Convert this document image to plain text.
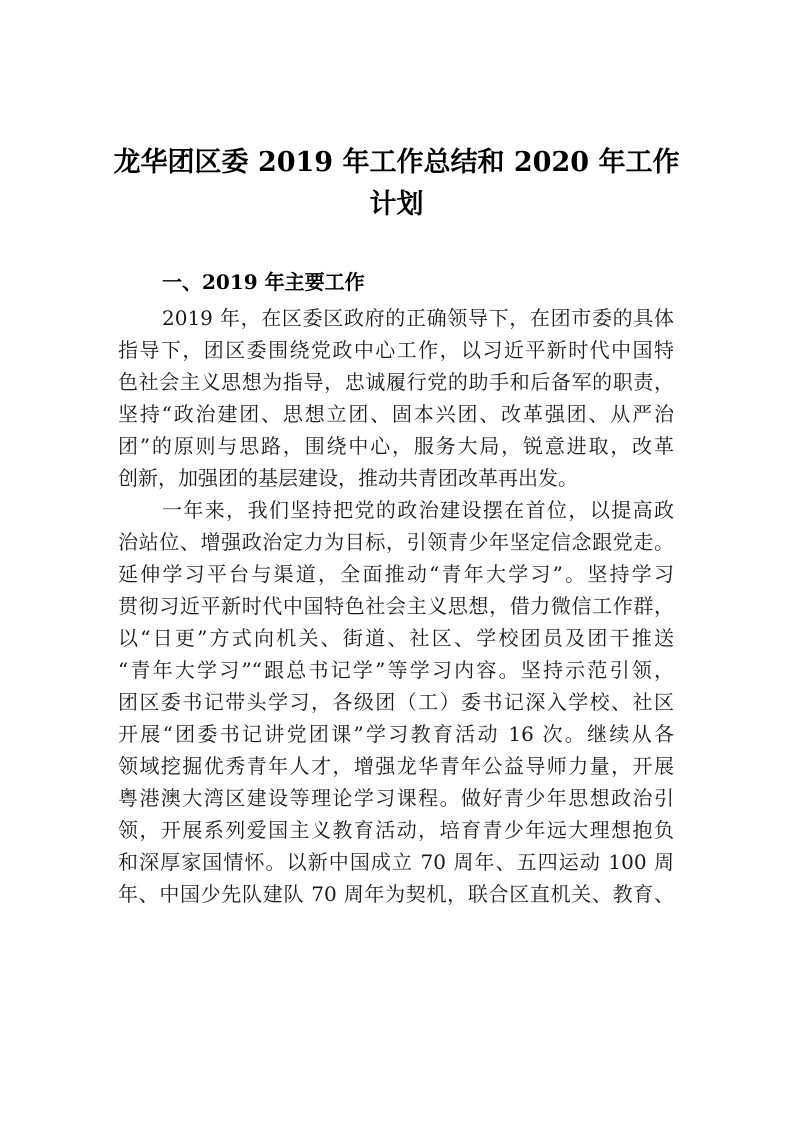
龙华团区委 2019 年工作总结和 2020 年工作
计划
一、2019 年主要工作
2019 年，在区委区政府的正确领导下，在团市委的具体
指导下，团区委围绕党政中心工作，以习近平新时代中国特
色社会主义思想为指导，忠诚履行党的助手和后备军的职责，
坚持“政治建团、思想立团、固本兴团、改革强团、从严治
团”的原则与思路，围绕中心，服务大局，锐意进取，改革
创新，加强团的基层建设，推动共青团改革再出发。
一年来，我们坚持把党的政治建设摆在首位，以提高政
治站位、增强政治定力为目标，引领青少年坚定信念跟党走。
延伸学习平台与渠道，全面推动“青年大学习”。坚持学习
贯彻习近平新时代中国特色社会主义思想，借力微信工作群，
以“日更”方式向机关、街道、社区、学校团员及团干推送
“青年大学习”“跟总书记学”等学习内容。坚持示范引领，
团区委书记带头学习，各级团（工）委书记深入学校、社区
开展“团委书记讲党团课”学习教育活动 16 次。继续从各
领域挖掘优秀青年人才，增强龙华青年公益导师力量，开展
粤港澳大湾区建设等理论学习课程。做好青少年思想政治引
领，开展系列爱国主义教育活动，培育青少年远大理想抱负
和深厚家国情怀。以新中国成立 70 周年、五四运动 100 周
年、中国少先队建队 70 周年为契机，联合区直机关、教育、
